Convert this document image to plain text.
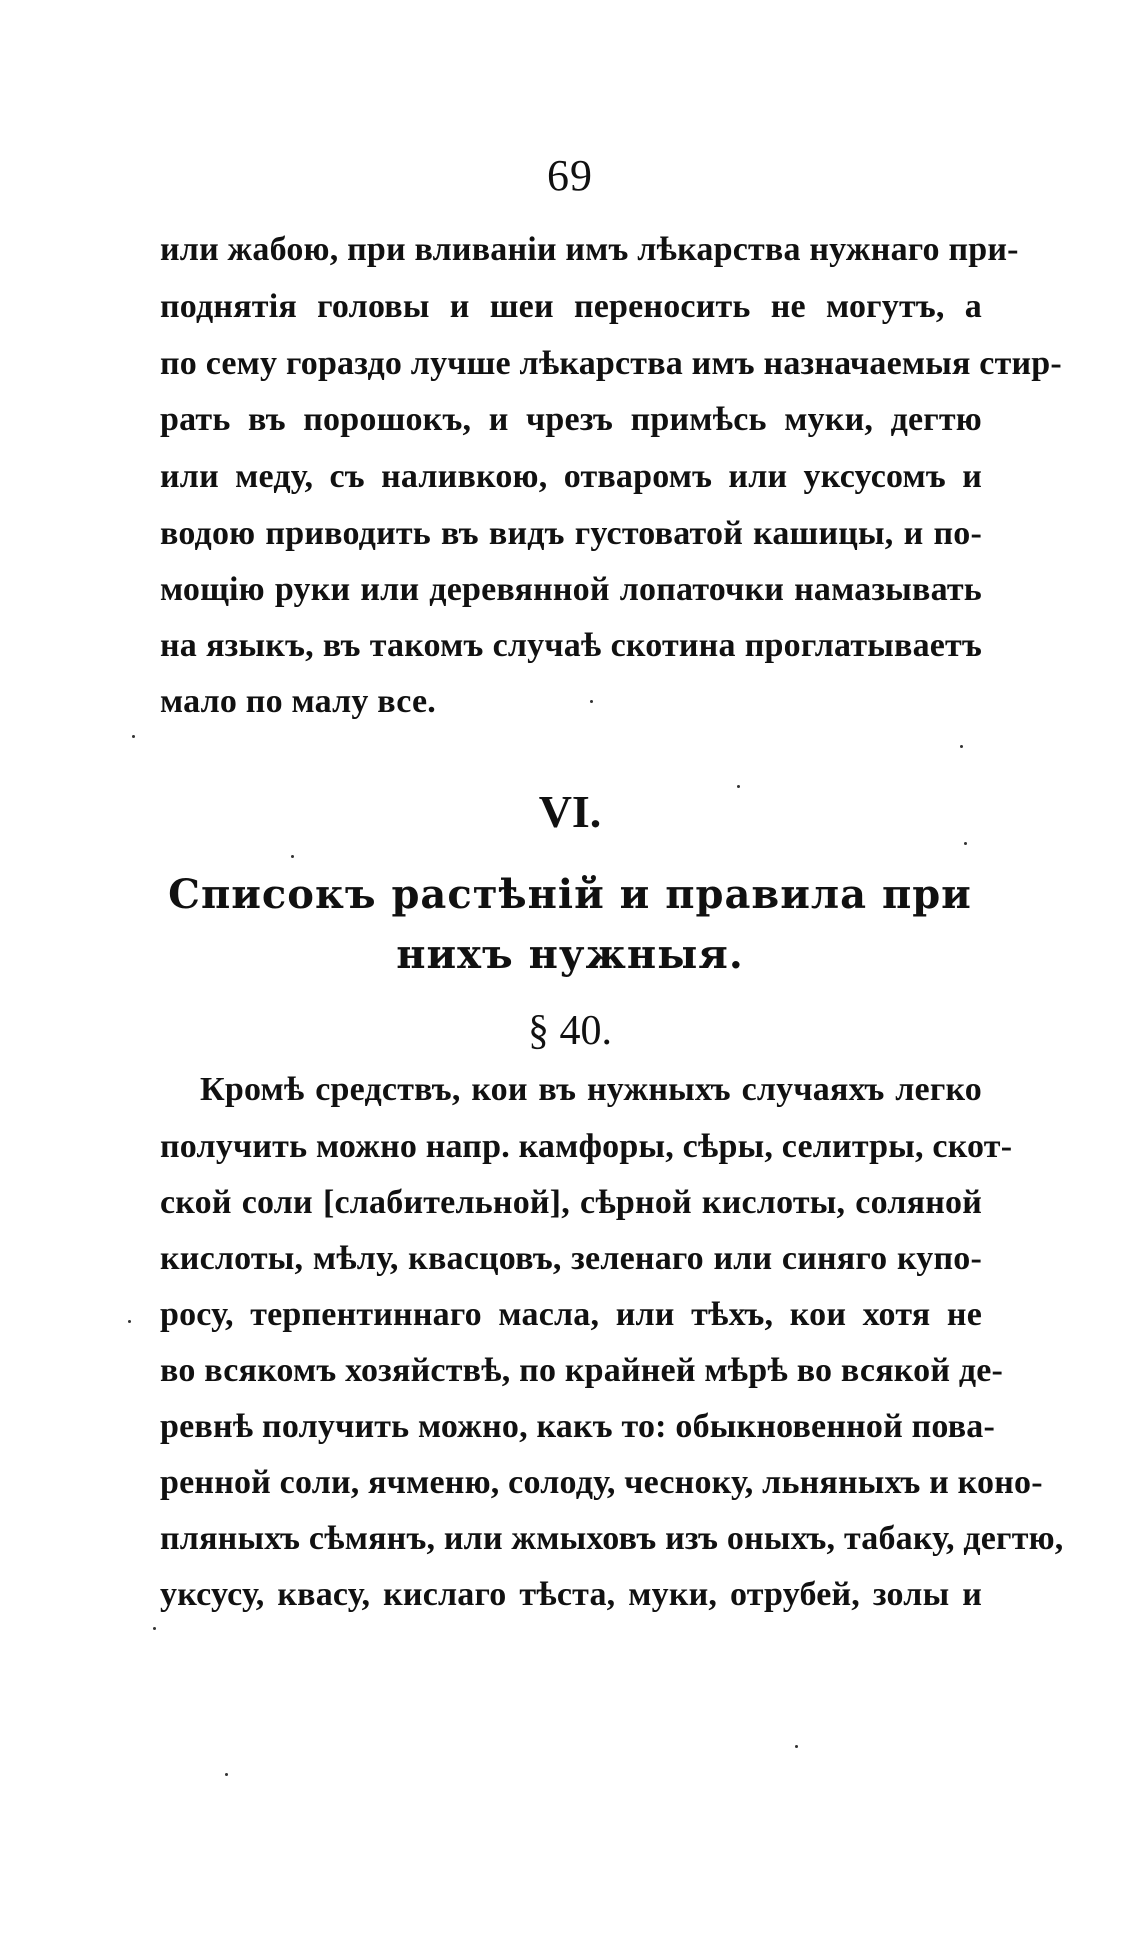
69
или жабою, при вливаніи имъ лѣкарства нужнаго при-
поднятія головы и шеи переносить не могутъ, а
по сему гораздо лучше лѣкарства имъ назначаемыя стир-
рать въ порошокъ, и чрезъ примѣсь муки, дегтю
или меду, съ наливкою, отваромъ или уксусомъ и
водою приводить въ видъ густоватой кашицы, и по-
мощію руки или деревянной лопаточки намазывать
на языкъ, въ такомъ случаѣ скотина проглатываетъ
мало по малу все.
VI.
Списокъ растѣній и правила при
нихъ нужныя.
§ 40.
Кромѣ средствъ, кои въ нужныхъ случаяхъ легко
получить можно напр. камфоры, сѣры, селитры, скот-
ской соли [слабительной], сѣрной кислоты, соляной
кислоты, мѣлу, квасцовъ, зеленаго или синяго купо-
росу, терпентиннаго масла, или тѣхъ, кои хотя не
во всякомъ хозяйствѣ, по крайней мѣрѣ во всякой де-
ревнѣ получить можно, какъ то: обыкновенной пова-
ренной соли, ячменю, солоду, чесноку, льняныхъ и коно-
пляныхъ сѣмянъ, или жмыховъ изъ оныхъ, табаку, дегтю,
уксусу, квасу, кислаго тѣста, муки, отрубей, золы и
